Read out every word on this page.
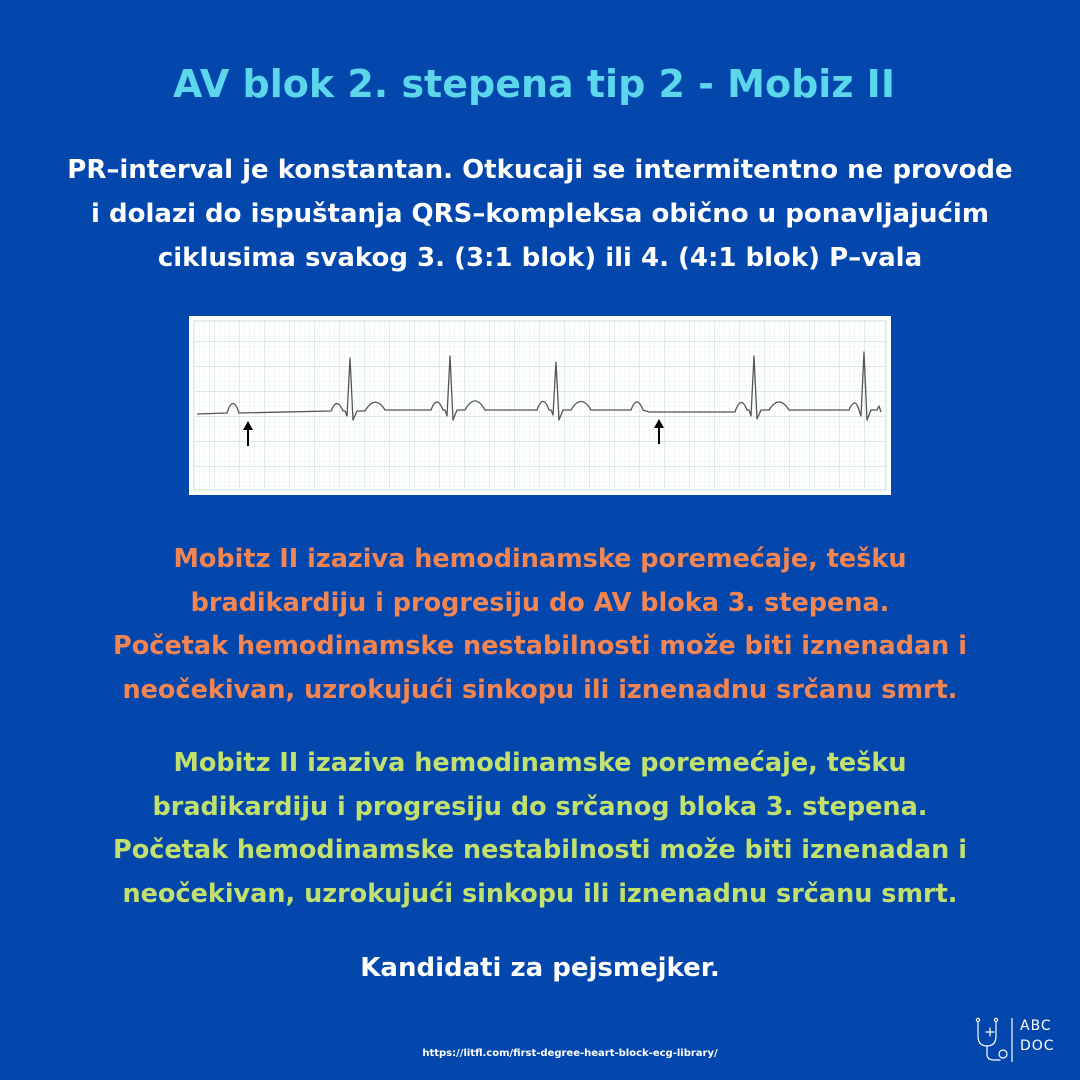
AV blok 2. stepena tip 2 - Mobiz II
PR–interval je konstantan. Otkucaji se intermitentno ne provode
i dolazi do ispuštanja QRS–kompleksa obično u ponavljajućim
ciklusima svakog 3. (3:1 blok) ili 4. (4:1 blok) P–vala
Mobitz II izaziva hemodinamske poremećaje, tešku
bradikardiju i progresiju do AV bloka 3. stepena.
Početak hemodinamske nestabilnosti može biti iznenadan i
neočekivan, uzrokujući sinkopu ili iznenadnu srčanu smrt.
Mobitz II izaziva hemodinamske poremećaje, tešku
bradikardiju i progresiju do srčanog bloka 3. stepena.
Početak hemodinamske nestabilnosti može biti iznenadan i
neočekivan, uzrokujući sinkopu ili iznenadnu srčanu smrt.
Kandidati za pejsmejker.
https://litfl.com/first-degree-heart-block-ecg-library/
ABC
DOC
